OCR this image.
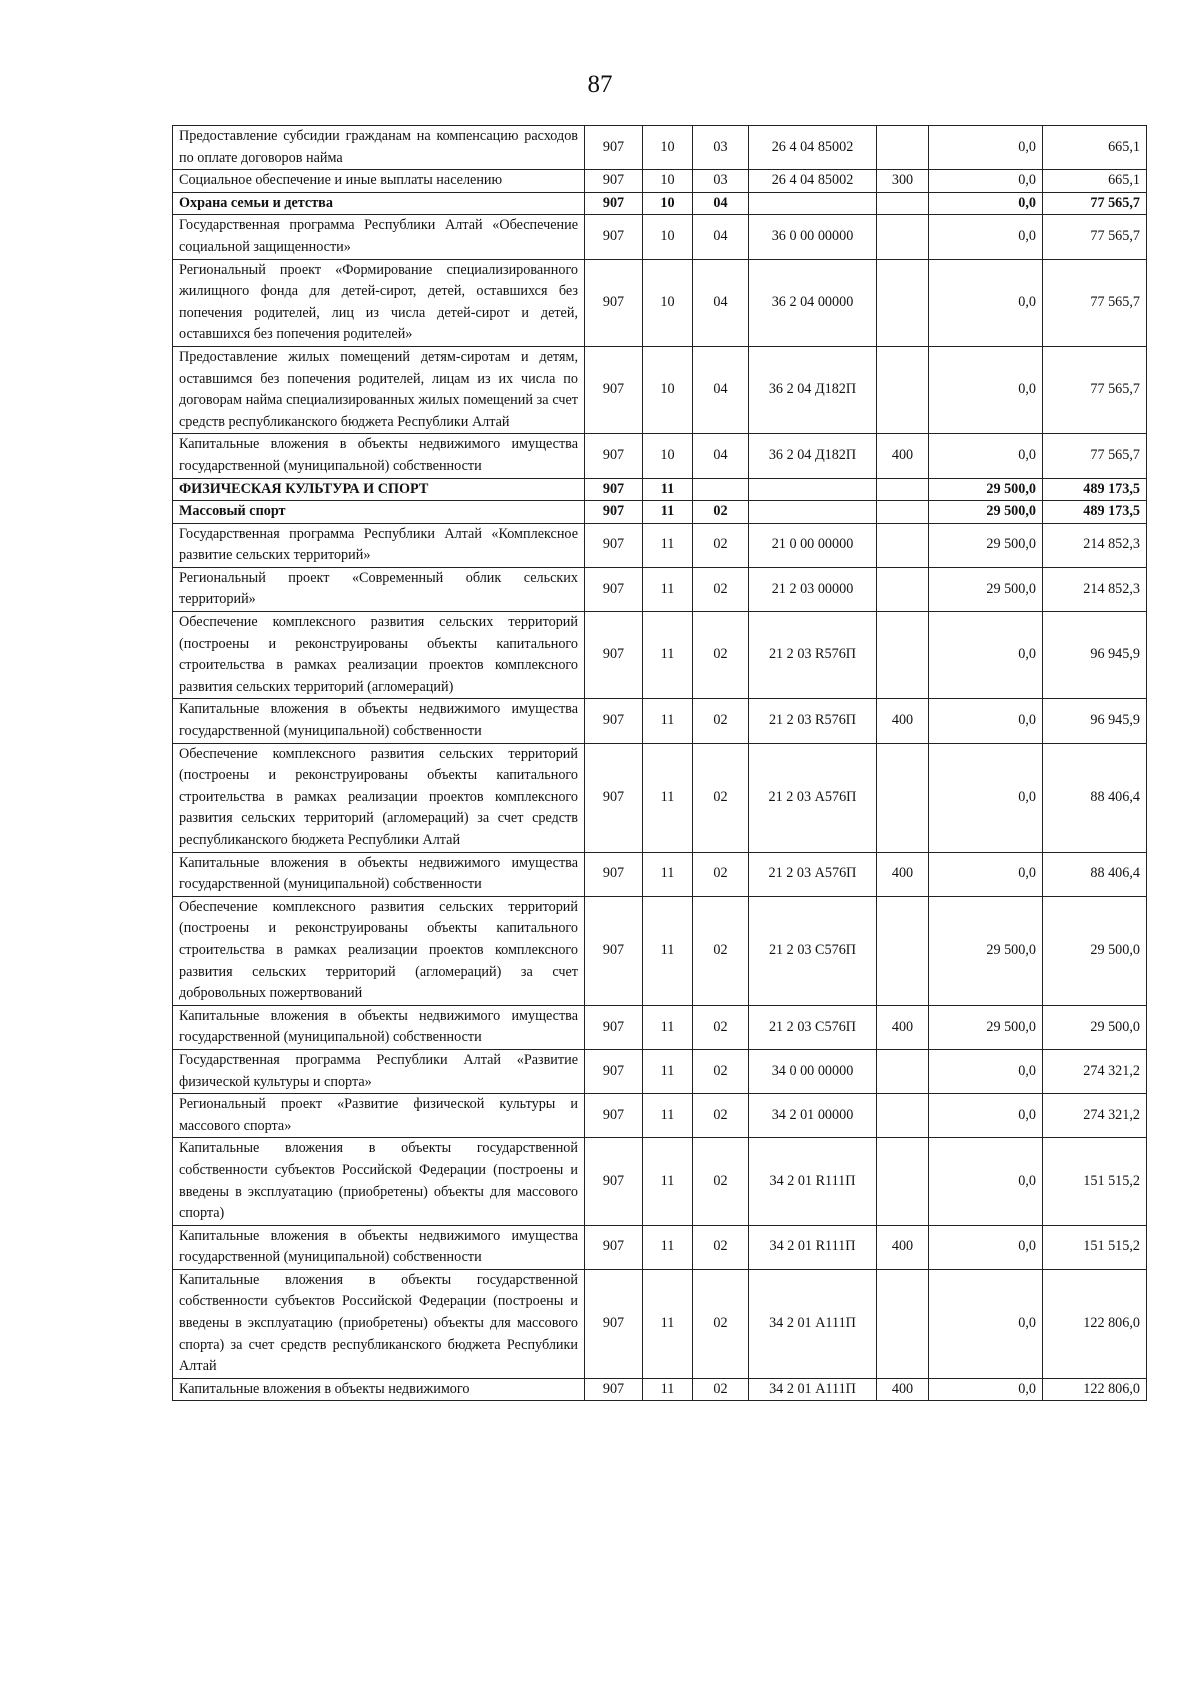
87
Предоставление субсидии гражданам на компенсацию расходов по оплате договоров найма	907	10	03	26 4 04 85002		0,0	665,1
Социальное обеспечение и иные выплаты населению	907	10	03	26 4 04 85002	300	0,0	665,1
Охрана семьи и детства	907	10	04			0,0	77 565,7
Государственная программа Республики Алтай «Обеспечение социальной защищенности»	907	10	04	36 0 00 00000		0,0	77 565,7
Региональный проект «Формирование специализированного жилищного фонда для детей-сирот, детей, оставшихся без попечения родителей, лиц из числа детей-сирот и детей, оставшихся без попечения родителей»	907	10	04	36 2 04 00000		0,0	77 565,7
Предоставление жилых помещений детям-сиротам и детям, оставшимся без попечения родителей, лицам из их числа по договорам найма специализированных жилых помещений за счет средств республиканского бюджета Республики Алтай	907	10	04	36 2 04 Д182П		0,0	77 565,7
Капитальные вложения в объекты недвижимого имущества государственной (муниципальной) собственности	907	10	04	36 2 04 Д182П	400	0,0	77 565,7
ФИЗИЧЕСКАЯ КУЛЬТУРА И СПОРТ	907	11				29 500,0	489 173,5
Массовый спорт	907	11	02			29 500,0	489 173,5
Государственная программа Республики Алтай «Комплексное развитие сельских территорий»	907	11	02	21 0 00 00000		29 500,0	214 852,3
Региональный проект «Современный облик сельских территорий»	907	11	02	21 2 03 00000		29 500,0	214 852,3
Обеспечение комплексного развития сельских территорий (построены и реконструированы объекты капитального строительства в рамках реализации проектов комплексного развития сельских территорий (агломераций)	907	11	02	21 2 03 R576П		0,0	96 945,9
Капитальные вложения в объекты недвижимого имущества государственной (муниципальной) собственности	907	11	02	21 2 03 R576П	400	0,0	96 945,9
Обеспечение комплексного развития сельских территорий (построены и реконструированы объекты капитального строительства в рамках реализации проектов комплексного развития сельских территорий (агломераций) за счет средств республиканского бюджета Республики Алтай	907	11	02	21 2 03 А576П		0,0	88 406,4
Капитальные вложения в объекты недвижимого имущества государственной (муниципальной) собственности	907	11	02	21 2 03 А576П	400	0,0	88 406,4
Обеспечение комплексного развития сельских территорий (построены и реконструированы объекты капитального строительства в рамках реализации проектов комплексного развития сельских территорий (агломераций) за счет добровольных пожертвований	907	11	02	21 2 03 С576П		29 500,0	29 500,0
Капитальные вложения в объекты недвижимого имущества государственной (муниципальной) собственности	907	11	02	21 2 03 С576П	400	29 500,0	29 500,0
Государственная программа Республики Алтай «Развитие физической культуры и спорта»	907	11	02	34 0 00 00000		0,0	274 321,2
Региональный проект «Развитие физической культуры и массового спорта»	907	11	02	34 2 01 00000		0,0	274 321,2
Капитальные вложения в объекты государственной собственности субъектов Российской Федерации (построены и введены в эксплуатацию (приобретены) объекты для массового спорта)	907	11	02	34 2 01 R111П		0,0	151 515,2
Капитальные вложения в объекты недвижимого имущества государственной (муниципальной) собственности	907	11	02	34 2 01 R111П	400	0,0	151 515,2
Капитальные вложения в объекты государственной собственности субъектов Российской Федерации (построены и введены в эксплуатацию (приобретены) объекты для массового спорта) за счет средств республиканского бюджета Республики Алтай	907	11	02	34 2 01 А111П		0,0	122 806,0
Капитальные вложения в объекты недвижимого	907	11	02	34 2 01 А111П	400	0,0	122 806,0
